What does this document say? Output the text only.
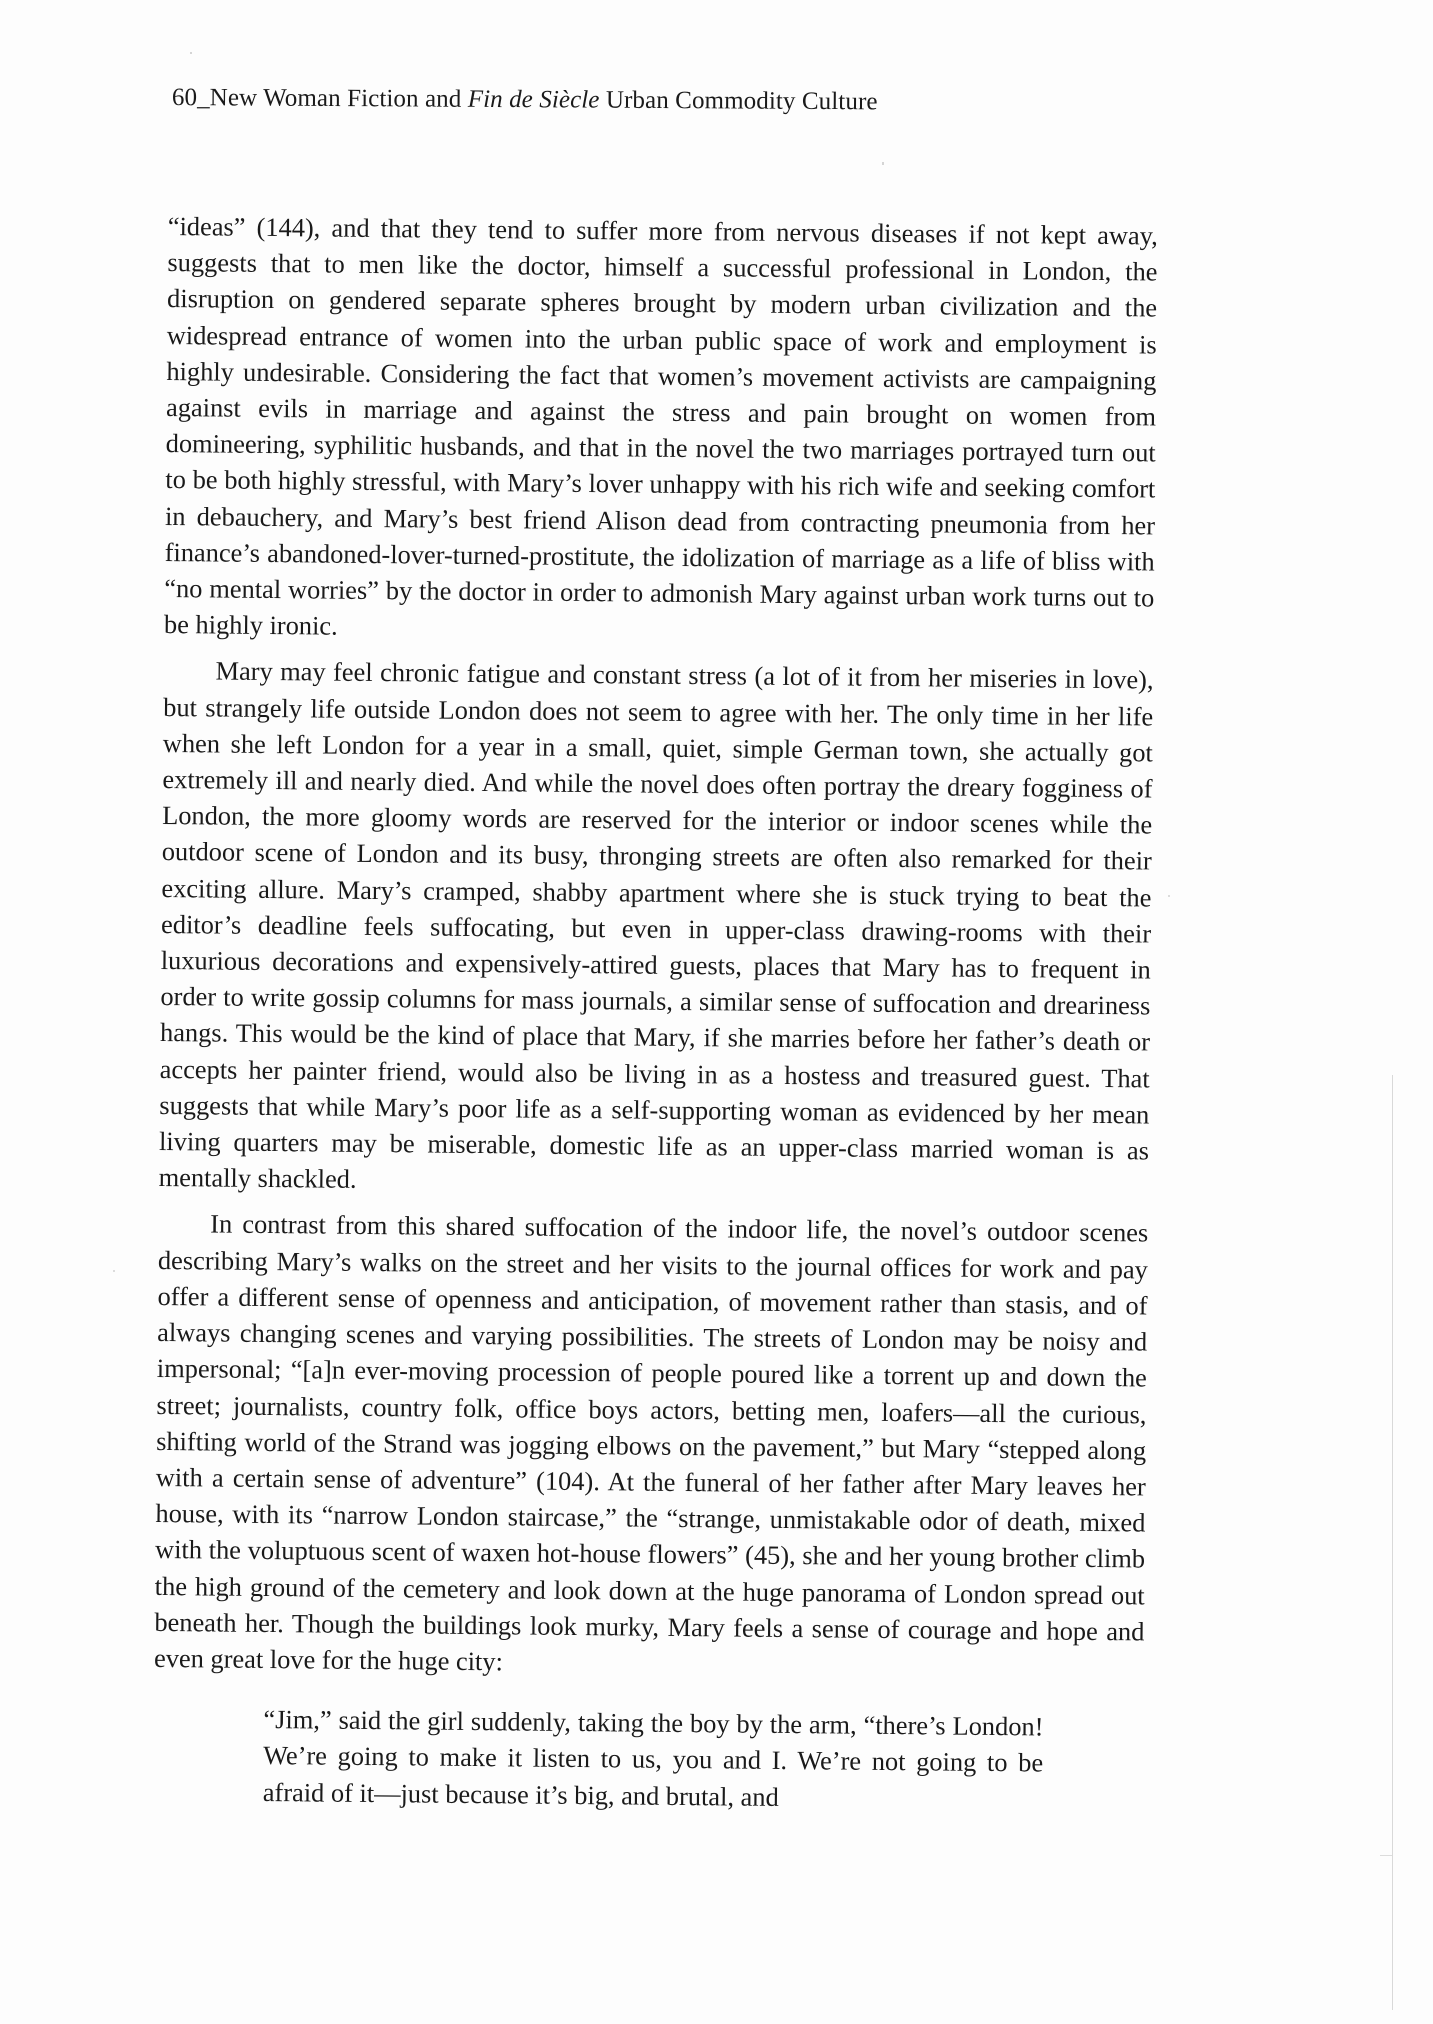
60_New Woman Fiction and Fin de Siècle Urban Commodity Culture

“ideas” (144), and that they tend to suffer more from nervous diseases if not kept away, suggests that to men like the doctor, himself a successful professional in London, the disruption on gendered separate spheres brought by modern urban civilization and the widespread entrance of women into the urban public space of work and employment is highly undesirable. Considering the fact that women’s movement activists are campaigning against evils in marriage and against the stress and pain brought on women from domineering, syphilitic husbands, and that in the novel the two marriages portrayed turn out to be both highly stressful, with Mary’s lover unhappy with his rich wife and seeking comfort in debauchery, and Mary’s best friend Alison dead from contracting pneumonia from her finance’s abandoned-lover-turned-prostitute, the idolization of marriage as a life of bliss with “no mental worries” by the doctor in order to admonish Mary against urban work turns out to be highly ironic.

Mary may feel chronic fatigue and constant stress (a lot of it from her miseries in love), but strangely life outside London does not seem to agree with her. The only time in her life when she left London for a year in a small, quiet, simple German town, she actually got extremely ill and nearly died. And while the novel does often portray the dreary fogginess of London, the more gloomy words are reserved for the interior or indoor scenes while the outdoor scene of London and its busy, thronging streets are often also remarked for their exciting allure. Mary’s cramped, shabby apartment where she is stuck trying to beat the editor’s deadline feels suffocating, but even in upper-class drawing-rooms with their luxurious decorations and expensively-attired guests, places that Mary has to frequent in order to write gossip columns for mass journals, a similar sense of suffocation and dreariness hangs. This would be the kind of place that Mary, if she marries before her father’s death or accepts her painter friend, would also be living in as a hostess and treasured guest. That suggests that while Mary’s poor life as a self-supporting woman as evidenced by her mean living quarters may be miserable, domestic life as an upper-class married woman is as mentally shackled.

In contrast from this shared suffocation of the indoor life, the novel’s outdoor scenes describing Mary’s walks on the street and her visits to the journal offices for work and pay offer a different sense of openness and anticipation, of movement rather than stasis, and of always changing scenes and varying possibilities. The streets of London may be noisy and impersonal; “[a]n ever-moving procession of people poured like a torrent up and down the street; journalists, country folk, office boys actors, betting men, loafers—all the curious, shifting world of the Strand was jogging elbows on the pavement,” but Mary “stepped along with a certain sense of adventure” (104). At the funeral of her father after Mary leaves her house, with its “narrow London staircase,” the “strange, unmistakable odor of death, mixed with the voluptuous scent of waxen hot-house flowers” (45), she and her young brother climb the high ground of the cemetery and look down at the huge panorama of London spread out beneath her. Though the buildings look murky, Mary feels a sense of courage and hope and even great love for the huge city:

“Jim,” said the girl suddenly, taking the boy by the arm, “there’s London! We’re going to make it listen to us, you and I. We’re not going to be afraid of it—just because it’s big, and brutal, and
